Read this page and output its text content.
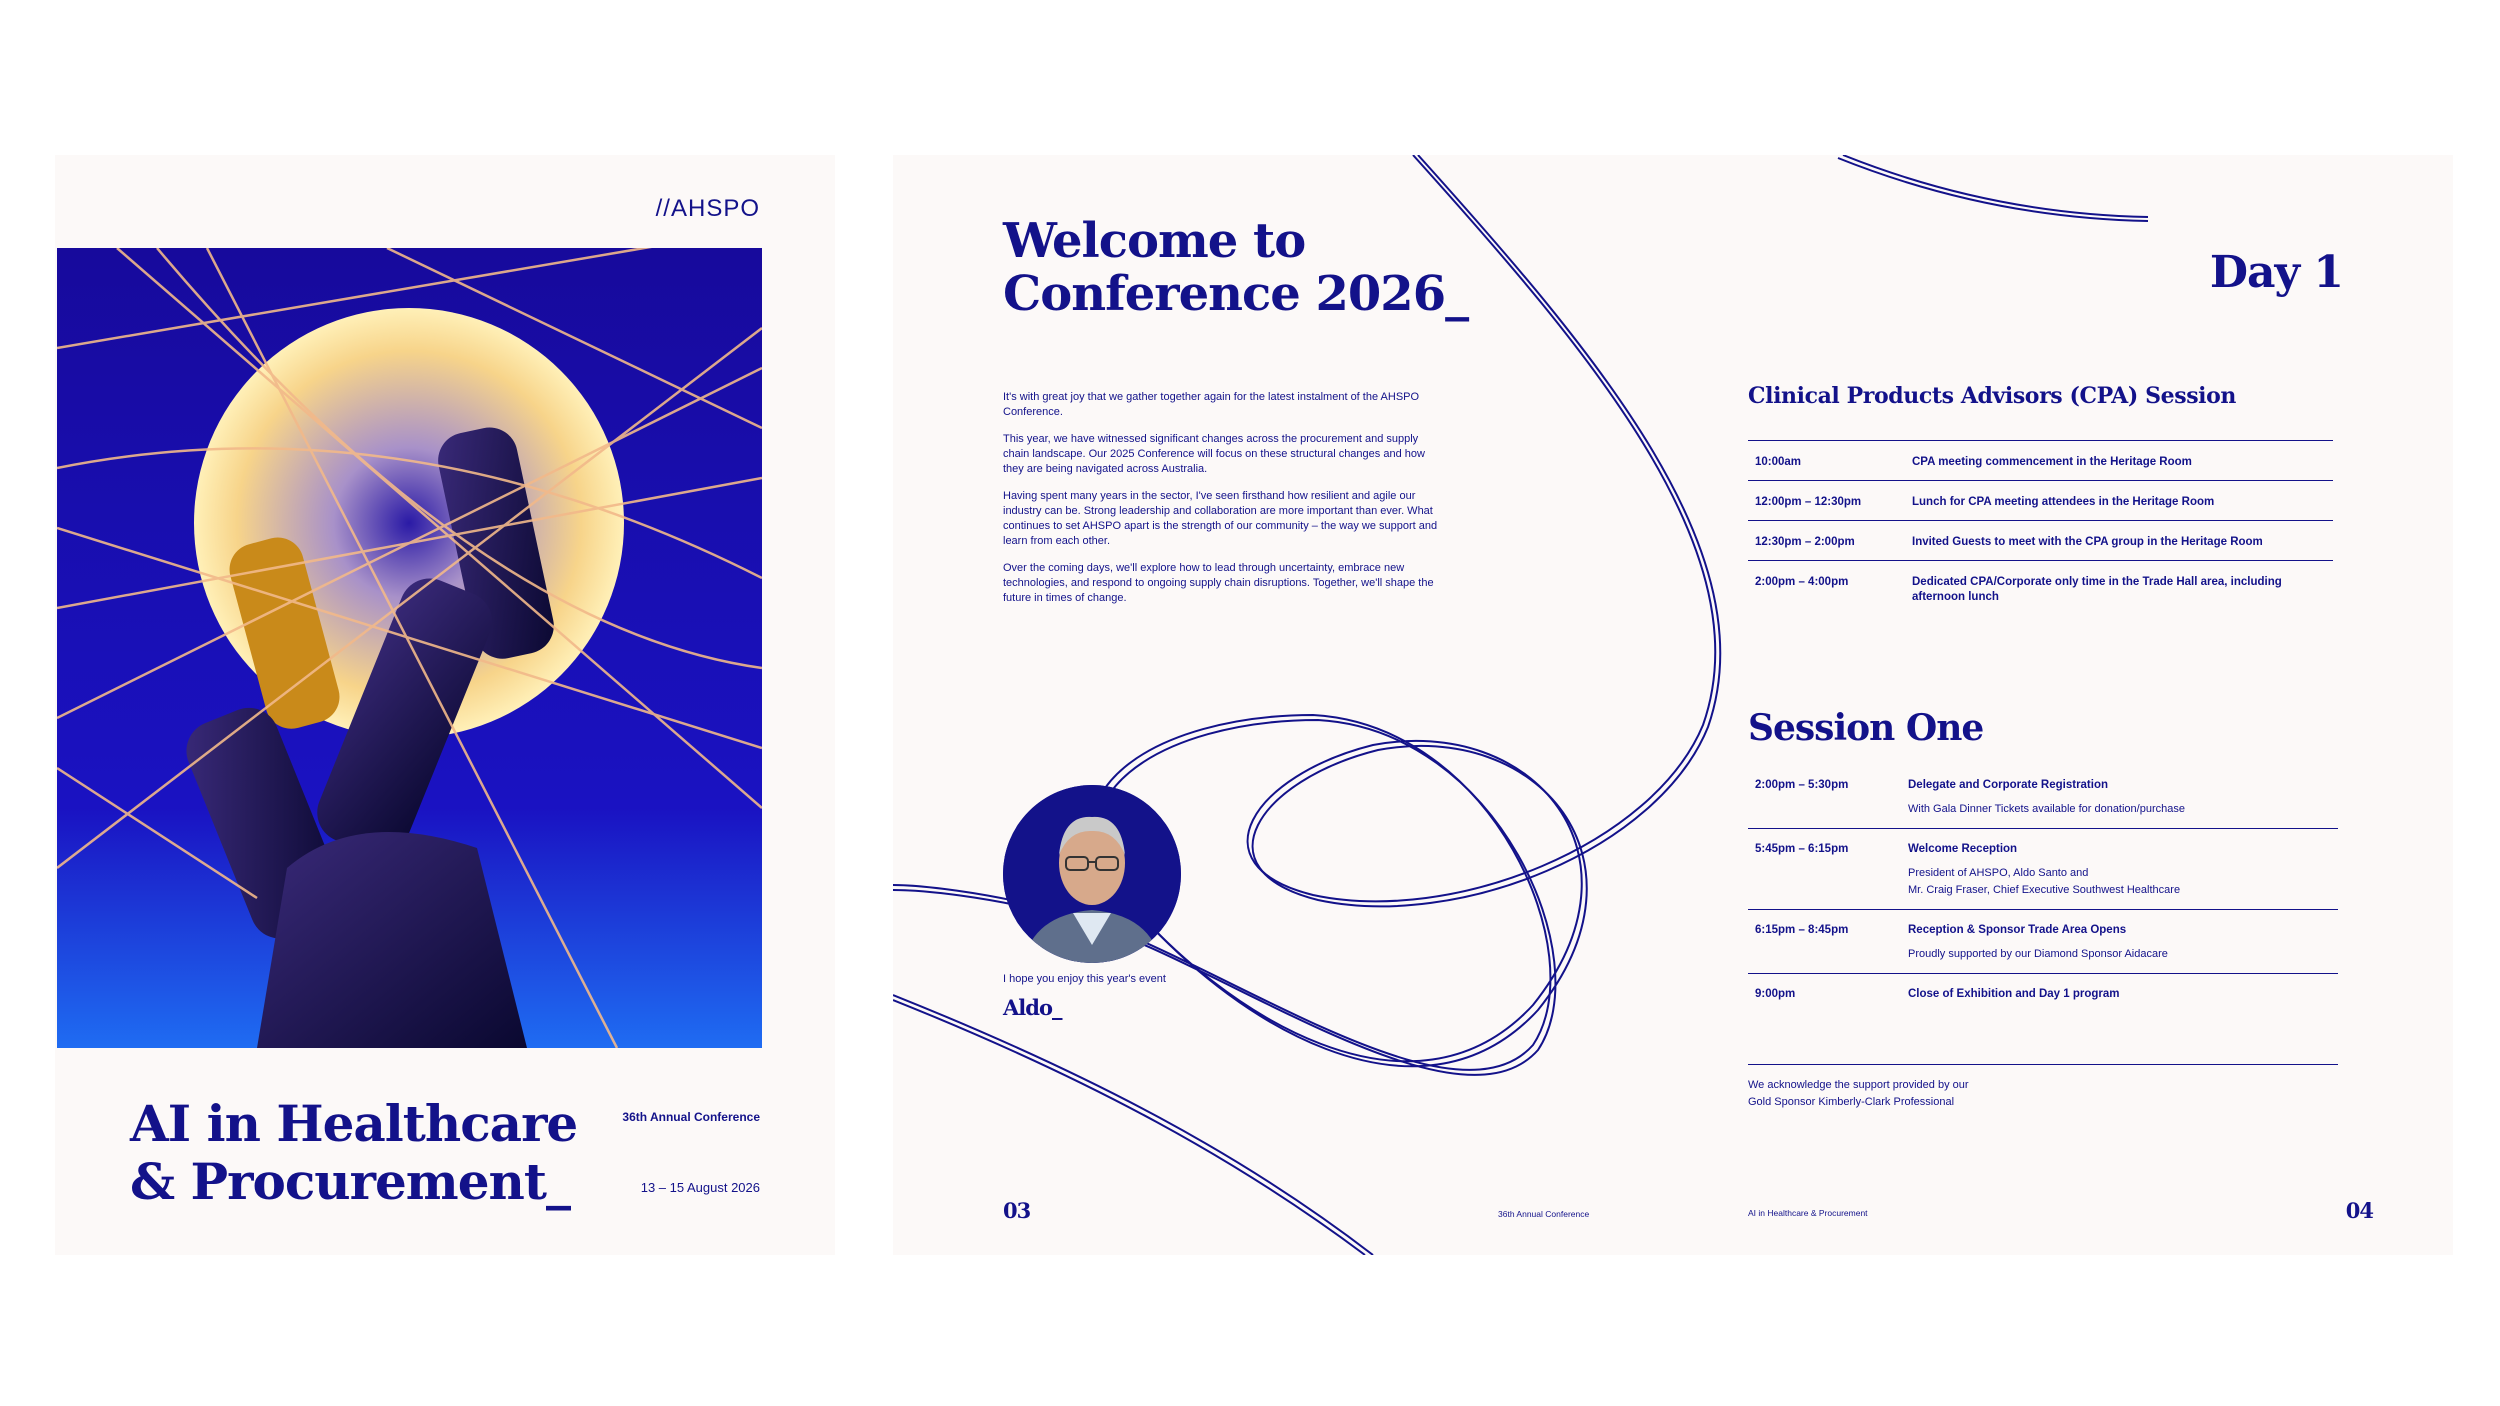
//AHSPO
AI in Healthcare
& Procurement_
36th Annual Conference
13 – 15 August 2026
Welcome to
Conference 2026_

It's with great joy that we gather together again for the latest instalment of the AHSPO Conference.

This year, we have witnessed significant changes across the procurement and supply chain landscape. Our 2025 Conference will focus on these structural changes and how they are being navigated across Australia.

Having spent many years in the sector, I've seen firsthand how resilient and agile our industry can be. Strong leadership and collaboration are more important than ever. What continues to set AHSPO apart is the strength of our community – the way we support and learn from each other.

Over the coming days, we'll explore how to lead through uncertainty, embrace new technologies, and respond to ongoing supply chain disruptions. Together, we'll shape the future in times of change.

I hope you enjoy this year's event
Aldo_
Day 1
Clinical Products Advisors (CPA) Session
10:00am	CPA meeting commencement in the Heritage Room
12:00pm – 12:30pm	Lunch for CPA meeting attendees in the Heritage Room
12:30pm – 2:00pm	Invited Guests to meet with the CPA group in the Heritage Room
2:00pm – 4:00pm	Dedicated CPA/Corporate only time in the Trade Hall area, including afternoon lunch
Session One
2:00pm – 5:30pm	Delegate and Corporate Registration
With Gala Dinner Tickets available for donation/purchase
5:45pm – 6:15pm	Welcome Reception
President of AHSPO, Aldo Santo and
Mr. Craig Fraser, Chief Executive Southwest Healthcare
6:15pm – 8:45pm	Reception & Sponsor Trade Area Opens
Proudly supported by our Diamond Sponsor Aidacare
9:00pm	Close of Exhibition and Day 1 program
We acknowledge the support provided by our
Gold Sponsor Kimberly-Clark Professional
03	36th Annual Conference	AI in Healthcare & Procurement	04
